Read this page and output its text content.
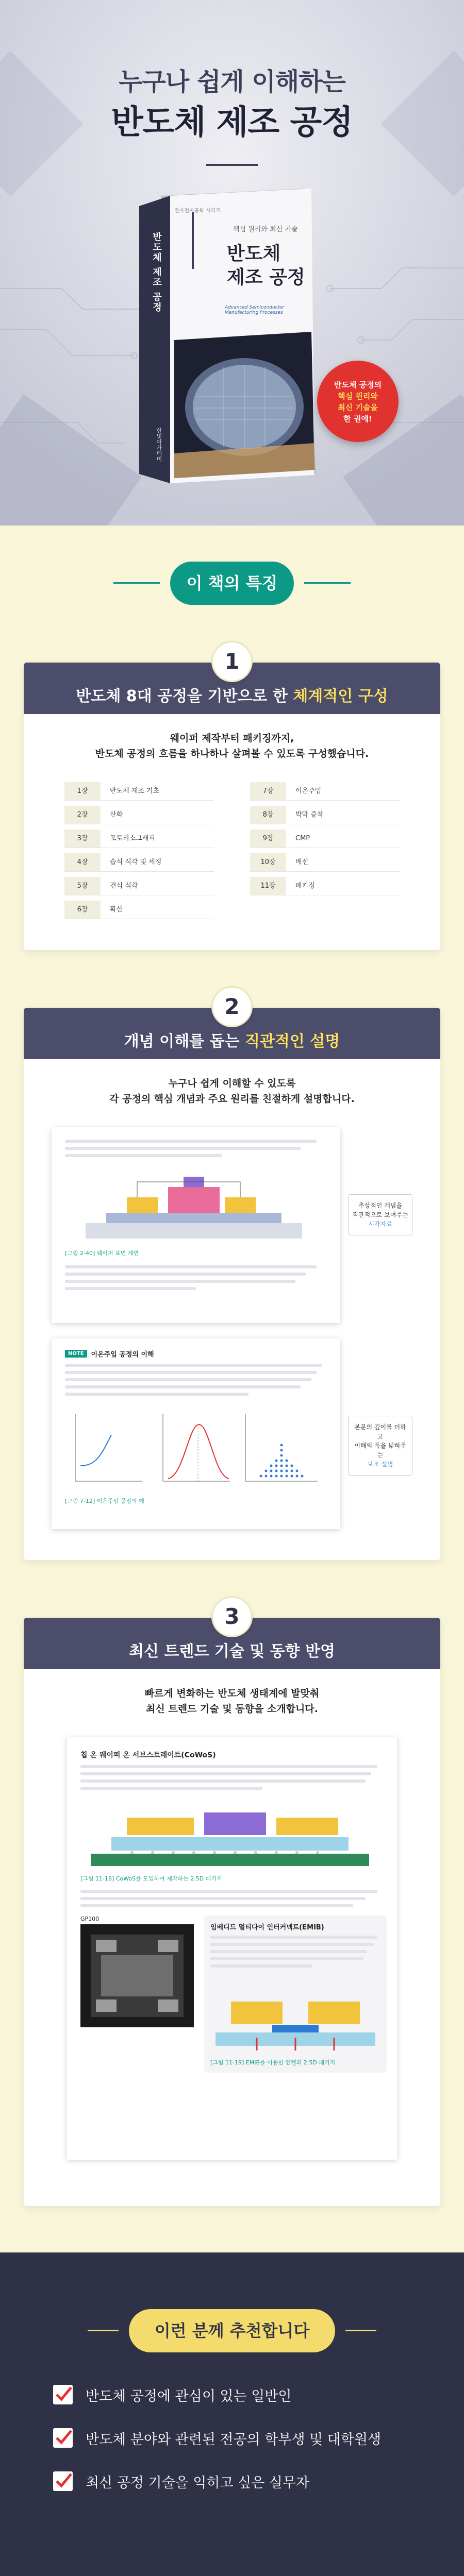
누구나 쉽게 이해하는
반도체 제조 공정
전자전자공학 시리즈
핵심 원리와 최신 기술
반도체
제조 공정
Advanced Semiconductor Manufacturing Processes
반도체 제조 공정
한빛아카데미
반도체 공정의
핵심 원리와
최신 기술을
한 권에!
이 책의 특징
1
반도체 8대 공정을 기반으로 한 체계적인 구성
웨이퍼 제작부터 패키징까지,
반도체 공정의 흐름을 하나하나 살펴볼 수 있도록 구성했습니다.
1장	반도체 제조 기초
2장	산화
3장	포토리소그래피
4장	습식 식각 및 세정
5장	건식 식각
6장	확산
7장	이온주입
8장	박막 증착
9장	CMP
10장	배선
11장	패키징
2
개념 이해를 돕는 직관적인 설명
누구나 쉽게 이해할 수 있도록
각 공정의 핵심 개념과 주요 원리를 친절하게 설명합니다.
[그림 2-40] 웨이퍼 표면 계면
추상적인 개념을
직관적으로 보여주는
시각자료
NOTE	이온주입 공정의 이해
[그림 7-12] 이온주입 공정의 예
본문의 깊이를 더하고
이해의 폭을 넓혀주는
보조 설명
3
최신 트렌드 기술 및 동향 반영
빠르게 변화하는 반도체 생태계에 발맞춰
최신 트렌드 기술 및 동향을 소개합니다.
칩 온 웨이퍼 온 서브스트레이트(CoWoS)
[그림 11-18] CoWoS를 도입하여 제작하는 2.5D 패키지
GP100
임베디드 멀티다이 인터커넥트(EMIB)
[그림 11-19] EMIB를 이용한 인텔의 2.5D 패키지
이런 분께 추천합니다
반도체 공정에 관심이 있는 일반인
반도체 분야와 관련된 전공의 학부생 및 대학원생
최신 공정 기술을 익히고 싶은 실무자
